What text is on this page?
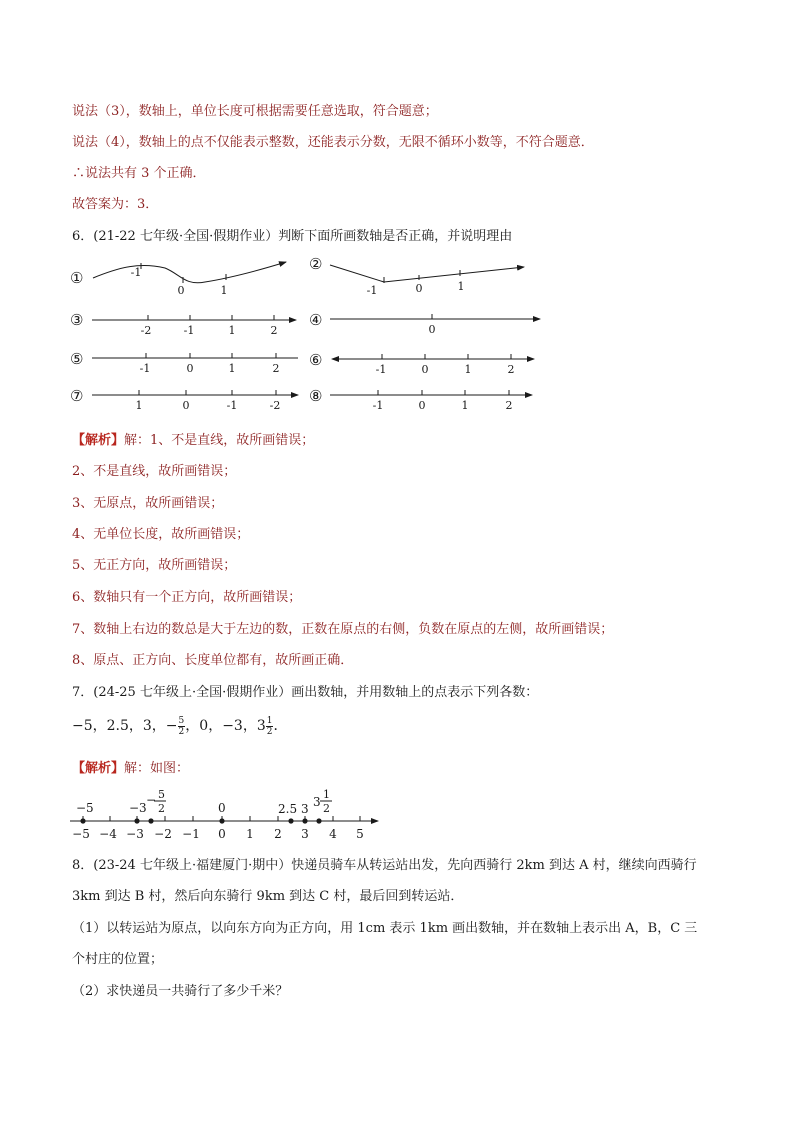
说法（3），数轴上，单位长度可根据需要任意选取，符合题意；
说法（4），数轴上的点不仅能表示整数，还能表示分数，无限不循环小数等，不符合题意．
∴说法共有 3 个正确．
故答案为：3．
6．(21-22 七年级·全国·假期作业）判断下面所画数轴是否正确，并说明理由
①
②
③	④
⑤	⑥
⑦	⑧
-1
0	1	-1	0	1
-2	-1	1	2	0
-1	0	1	2	-1	0	1	2
1	0	-1	-2	-1	0	1	2
【解析】解：1、不是直线，故所画错误；
2、不是直线，故所画错误；
3、无原点，故所画错误；
4、无单位长度，故所画错误；
5、无正方向，故所画错误；
6、数轴只有一个正方向，故所画错误；
7、数轴上右边的数总是大于左边的数，正数在原点的右侧，负数在原点的左侧，故所画错误；
8、原点、正方向、长度单位都有，故所画正确．
7．(24-25 七年级上·全国·假期作业）画出数轴，并用数轴上的点表示下列各数：
−5，2.5，3，− $\frac{5}{2}$ ，0，−3，$3 \frac{1}{2}$ ．
【解析】解：如图：
−5 −4 −3 −2 −1 0 1 2 3 4 5
−5	−3
− 5
2	0	2.5 3 3
1
2
8．(23-24 七年级上·福建厦门·期中）快递员骑车从转运站出发，先向西骑行 2km 到达 A 村，继续向西骑行
3km 到达 B 村，然后向东骑行 9km 到达 C 村，最后回到转运站．
（1）以转运站为原点，以向东方向为正方向，用 1cm 表示 1km 画出数轴，并在数轴上表示出 A，B，C 三
个村庄的位置；
（2）求快递员一共骑行了多少千米？
